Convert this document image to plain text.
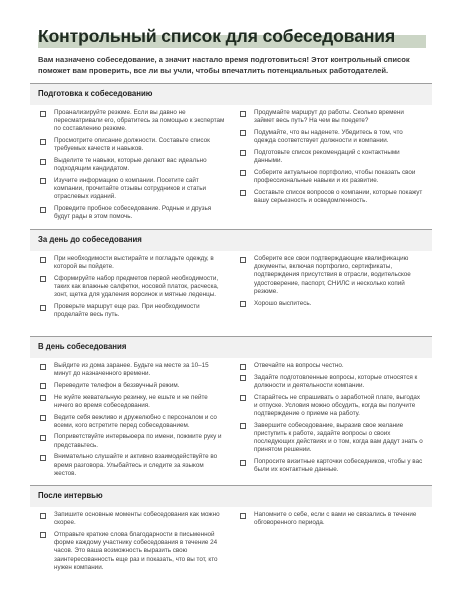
Контрольный список для собеседования
Вам назначено собеседование, а значит настало время подготовиться! Этот контрольный список поможет вам проверить, все ли вы учли, чтобы впечатлить потенциальных работодателей.
Подготовка к собеседованию
Проанализируйте резюме. Если вы давно не пересматривали его, обратитесь за помощью к экспертам по составлению резюме.
Просмотрите описание должности. Составьте список требуемых качеств и навыков.
Выделите те навыки, которые делают вас идеально подходящим кандидатом.
Изучите информацию о компании. Посетите сайт компании, прочитайте отзывы сотрудников и статьи отраслевых изданий.
Проведите пробное собеседование. Родные и друзья будут рады в этом помочь.
Продумайте маршрут до работы. Сколько времени займет весь путь? На чем вы поедете?
Подумайте, что вы наденете. Убедитесь в том, что одежда соответствует должности и компании.
Подготовьте список рекомендаций с контактными данными.
Соберите актуальное портфолио, чтобы показать свои профессиональные навыки и их развитие.
Составьте список вопросов о компании, которые покажут вашу серьезность и осведомленность.
За день до собеседования
При необходимости выстирайте и погладьте одежду, в которой вы пойдете.
Сформируйте набор предметов первой необходимости, таких как влажные салфетки, носовой платок, расческа, зонт, щетка для удаления ворсинок и мятные леденцы.
Проверьте маршрут еще раз. При необходимости проделайте весь путь.
Соберите все свои подтверждающие квалификацию документы, включая портфолио, сертификаты, подтверждения присутствия в отрасли, водительское удостоверение, паспорт, СНИЛС и несколько копий резюме.
Хорошо выспитесь.
В день собеседования
Выйдите из дома заранее. Будьте на месте за 10–15 минут до назначенного времени.
Переведите телефон в беззвучный режим.
Не жуйте жевательную резинку, не ешьте и не пейте ничего во время собеседования.
Ведите себя вежливо и дружелюбно с персоналом и со всеми, кого встретите перед собеседованием.
Поприветствуйте интервьюера по имени, пожмите руку и представьтесь.
Внимательно слушайте и активно взаимодействуйте во время разговора. Улыбайтесь и следите за языком жестов.
Отвечайте на вопросы честно.
Задайте подготовленные вопросы, которые относятся к должности и деятельности компании.
Старайтесь не спрашивать о заработной плате, выгодах и отпуске. Условия можно обсудить, когда вы получите подтверждение о приеме на работу.
Завершите собеседование, выразив свое желание приступить к работе, задайте вопросы о своих последующих действиях и о том, когда вам дадут знать о принятом решении.
Попросите визитные карточки собеседников, чтобы у вас были их контактные данные.
После интервью
Запишите основные моменты собеседования как можно скорее.
Отправьте краткие слова благодарности в письменной форме каждому участнику собеседования в течение 24 часов. Это ваша возможность выразить свою заинтересованность еще раз и показать, что вы тот, кто нужен компании.
Напомните о себе, если с вами не связались в течение обговоренного периода.
